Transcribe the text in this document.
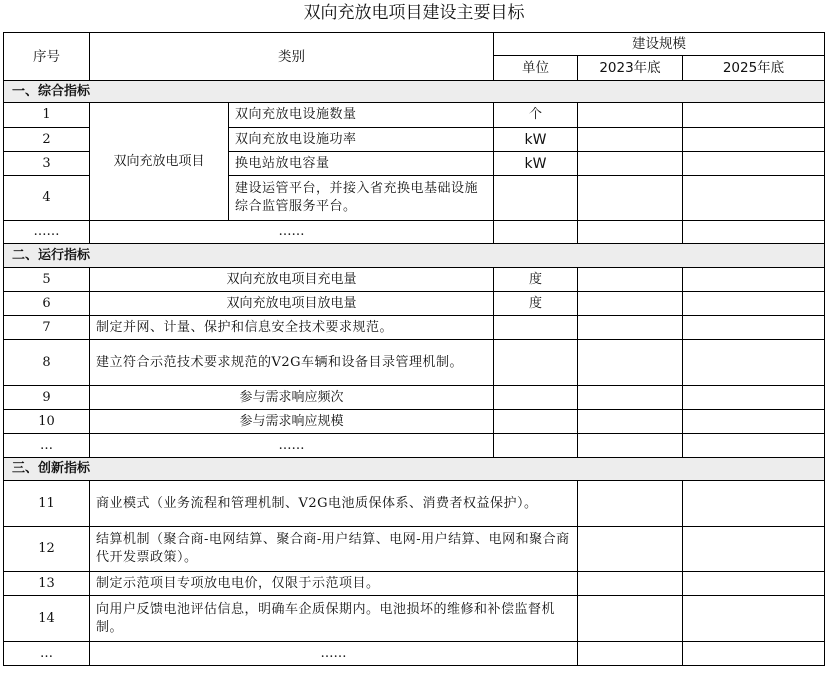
双向充放电项目建设主要目标
序号	类别		建设规模		
			单位	2023年底	2025年底
一、综合指标					
1	双向充放电项目	双向充放电设施数量	个		
2		双向充放电设施功率	kW		
3		换电站放电容量	kW		
4		建设运管平台，并接入省充换电基础设施综合监管服务平台。			
……	……				
二、运行指标					
5	双向充放电项目充电量		度		
6	双向充放电项目放电量		度		
7	制定并网、计量、保护和信息安全技术要求规范。				
8	建立符合示范技术要求规范的V2G车辆和设备目录管理机制。				
9	参与需求响应频次				
10	参与需求响应规模				
…	……				
三、创新指标					
11	商业模式（业务流程和管理机制、V2G电池质保体系、消费者权益保护）。				
12	结算机制（聚合商-电网结算、聚合商-用户结算、电网-用户结算、电网和聚合商代开发票政策）。				
13	制定示范项目专项放电电价，仅限于示范项目。				
14	向用户反馈电池评估信息，明确车企质保期内。电池损坏的维修和补偿监督机制。				
…	……				
